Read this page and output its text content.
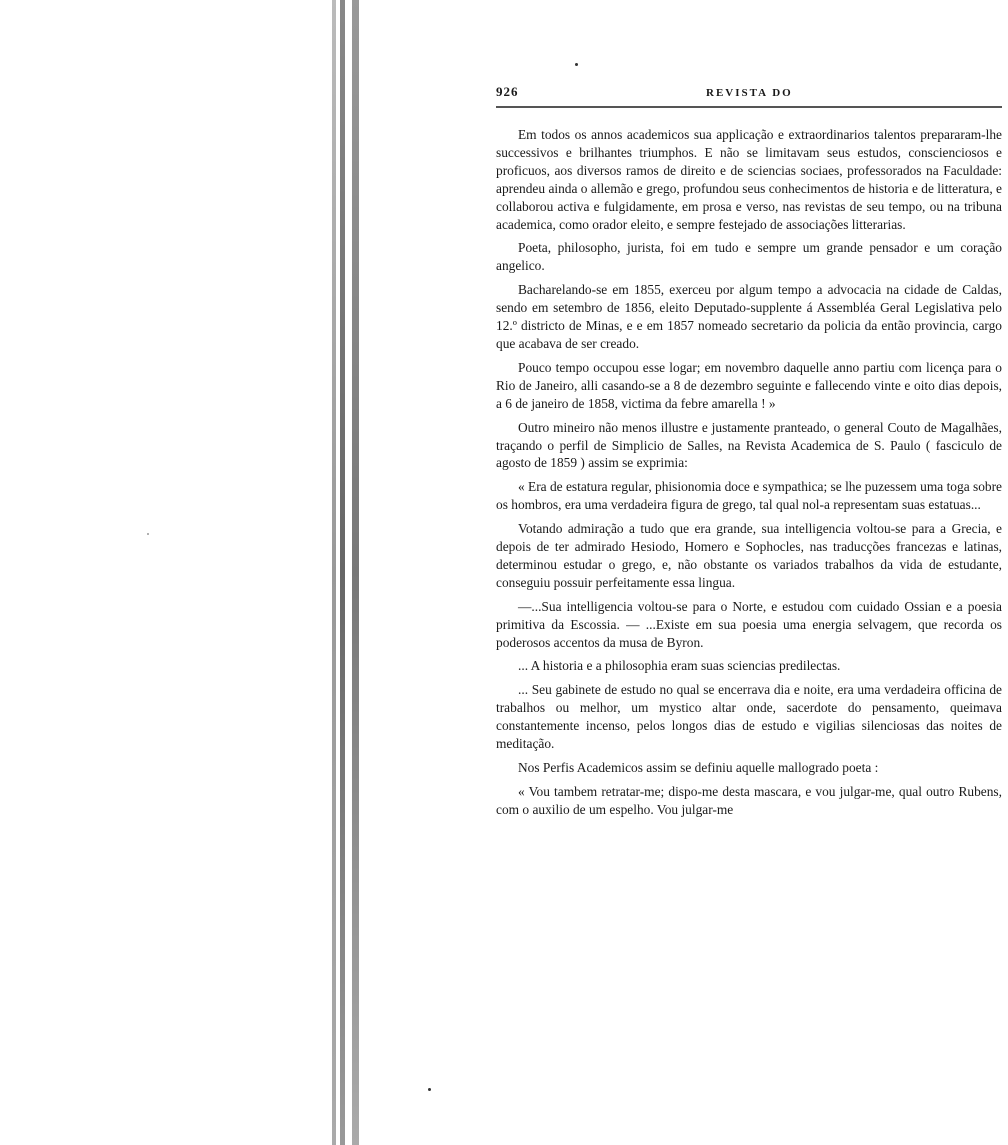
926	REVISTA DO

Em todos os annos academicos sua applicação e extraordinarios talentos prepararam-lhe successivos e brilhantes triumphos. E não se limitavam seus estudos, conscienciosos e proficuos, aos diversos ramos de direito e de sciencias sociaes, professorados na Faculdade: aprendeu ainda o allemão e grego, profundou seus conhecimentos de historia e de litteratura, e collaborou activa e fulgidamente, em prosa e verso, nas revistas de seu tempo, ou na tribuna academica, como orador eleito, e sempre festejado de associações litterarias.

Poeta, philosopho, jurista, foi em tudo e sempre um grande pensador e um coração angelico.

Bacharelando-se em 1855, exerceu por algum tempo a advocacia na cidade de Caldas, sendo em setembro de 1856, eleito Deputado-supplente á Assembléa Geral Legislativa pelo 12.º districto de Minas, e e em 1857 nomeado secretario da policia da então provincia, cargo que acabava de ser creado.

Pouco tempo occupou esse logar; em novembro daquelle anno partiu com licença para o Rio de Janeiro, alli casando-se a 8 de dezembro seguinte e fallecendo vinte e oito dias depois, a 6 de janeiro de 1858, victima da febre amarella ! »

Outro mineiro não menos illustre e justamente pranteado, o general Couto de Magalhães, traçando o perfil de Simplicio de Salles, na Revista Academica de S. Paulo ( fasciculo de agosto de 1859 ) assim se exprimia:

« Era de estatura regular, phisionomia doce e sympathica; se lhe puzessem uma toga sobre os hombros, era uma verdadeira figura de grego, tal qual nol-a representam suas estatuas...

Votando admiração a tudo que era grande, sua intelligencia voltou-se para a Grecia, e depois de ter admirado Hesiodo, Homero e Sophocles, nas traducções francezas e latinas, determinou estudar o grego, e, não obstante os variados trabalhos da vida de estudante, conseguiu possuir perfeitamente essa lingua.

—...Sua intelligencia voltou-se para o Norte, e estudou com cuidado Ossian e a poesia primitiva da Escossia. — ...Existe em sua poesia uma energia selvagem, que recorda os poderosos accentos da musa de Byron.

... A historia e a philosophia eram suas sciencias predilectas.

... Seu gabinete de estudo no qual se encerrava dia e noite, era uma verdadeira officina de trabalhos ou melhor, um mystico altar onde, sacerdote do pensamento, queimava constantemente incenso, pelos longos dias de estudo e vigilias silenciosas das noites de meditação.

Nos Perfis Academicos assim se definiu aquelle mallogrado poeta :

« Vou tambem retratar-me; dispo-me desta mascara, e vou julgar-me, qual outro Rubens, com o auxilio de um espelho. Vou julgar-me
